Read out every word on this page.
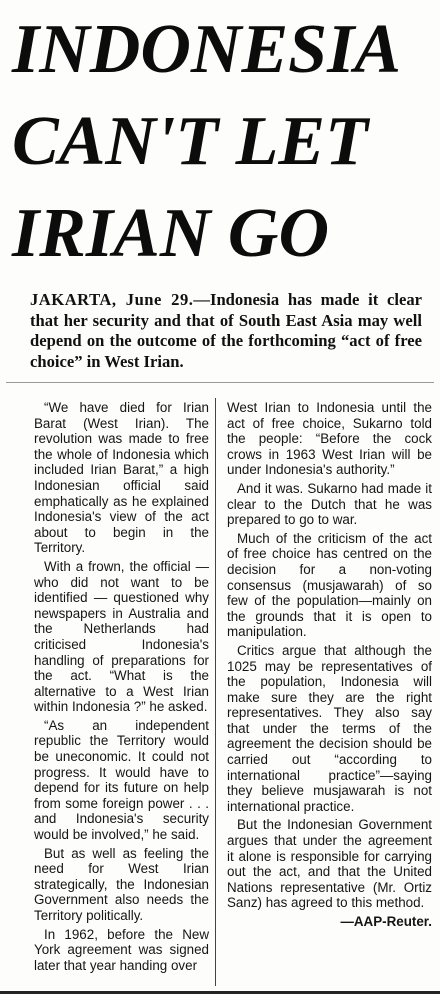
INDONESIA
CAN'T LET
IRIAN GO
JAKARTA, June 29.—Indonesia has made it clear that her security and that of South East Asia may well depend on the outcome of the forthcoming “act of free choice” in West Irian.

“We have died for Irian Barat (West Irian). The revolution was made to free the whole of Indonesia which included Irian Barat,” a high Indonesian official said emphatically as he explained Indonesia's view of the act about to begin in the Territory.

With a frown, the official — who did not want to be identified — questioned why newspapers in Australia and the Netherlands had criticised Indonesia's handling of preparations for the act. “What is the alternative to a West Irian within Indonesia ?” he asked.

“As an independent republic the Territory would be uneconomic. It could not progress. It would have to depend for its future on help from some foreign power . . . and Indonesia's security would be involved,” he said.

But as well as feeling the need for West Irian strategically, the Indonesian Government also needs the Territory politically.

In 1962, before the New York agreement was signed later that year handing over

West Irian to Indonesia until the act of free choice, Sukarno told the people: “Before the cock crows in 1963 West Irian will be under Indonesia's authority.”

And it was. Sukarno had made it clear to the Dutch that he was prepared to go to war.

Much of the criticism of the act of free choice has centred on the decision for a non-voting consensus (musjawarah) of so few of the population—mainly on the grounds that it is open to manipulation.

Critics argue that although the 1025 may be representatives of the population, Indonesia will make sure they are the right representatives. They also say that under the terms of the agreement the decision should be carried out “according to international practice”—saying they believe musjawarah is not international practice.

But the Indonesian Government argues that under the agreement it alone is responsible for carrying out the act, and that the United Nations representative (Mr. Ortiz Sanz) has agreed to this method.

—AAP-Reuter.
